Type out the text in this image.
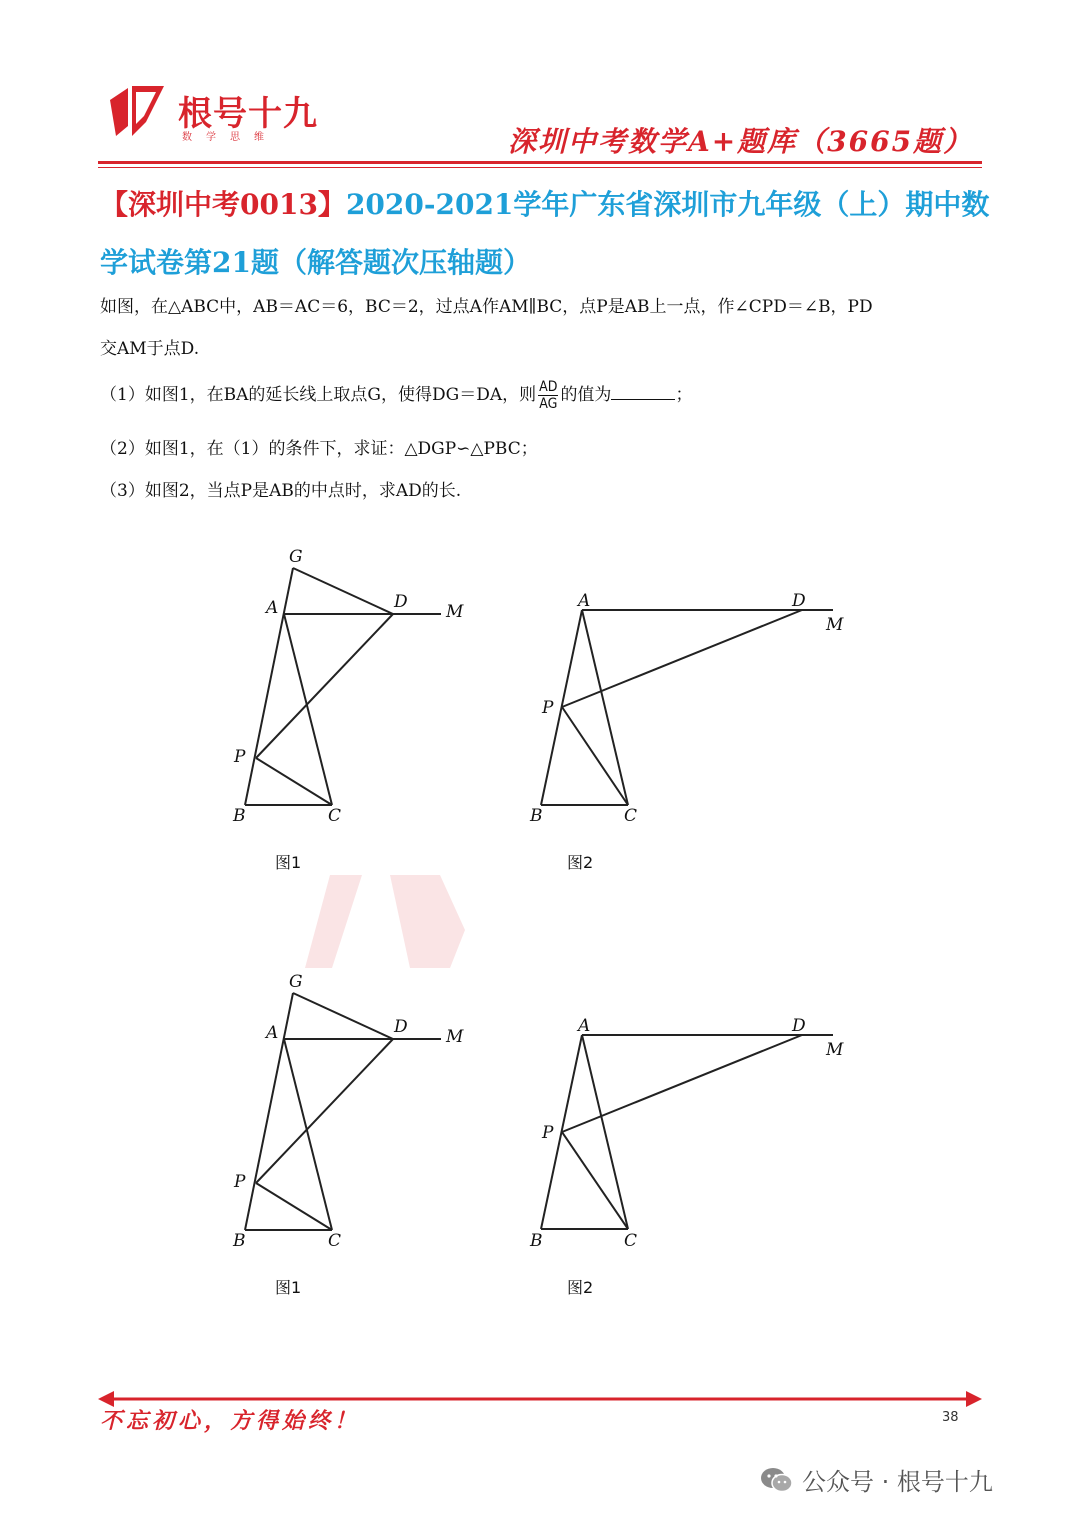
根号十九
数学思维	深圳中考数学A+题库（3665题）
【深圳中考0013】2020-2021学年广东省深圳市九年级（上）期中数学试卷第21题（解答题次压轴题）

如图，在△ABC中，AB＝AC＝6，BC＝2，过点A作AM∥BC，点P是AB上一点，作∠CPD＝∠B，PD

交AM于点D.

（1）如图1，在BA的延长线上取点G，使得DG＝DA，则 $\frac{AD}{AG}$ 的值为	；

（2）如图1，在（1）的条件下，求证：△DGP∽△PBC；

（3）如图2，当点P是AB的中点时，求AD的长.

G
A	D M
P
B	C
图1
A	D
M
P
B	C
图2
G
A	D M
P
B	C
图1
A	D
M
P
B	C
图2
不忘初心，方得始终！	38
公众号 · 根号十九
